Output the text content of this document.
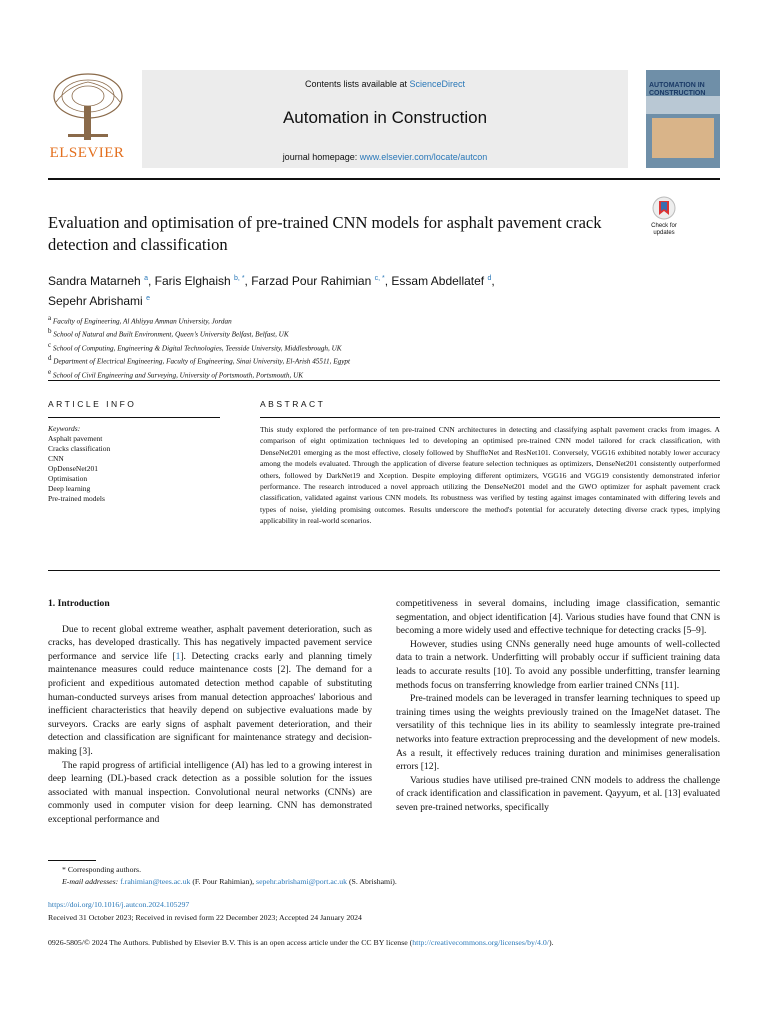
ELSEVIER
Contents lists available at ScienceDirect
Automation in Construction
journal homepage: www.elsevier.com/locate/autcon
AUTOMATION IN CONSTRUCTION
Evaluation and optimisation of pre-trained CNN models for asphalt pavement crack detection and classification
Check for updates
Sandra Matarneh $^a$, Faris Elghaish $^{b, *}$, Farzad Pour Rahimian $^{c, *}$, Essam Abdellatef $^d$,
Sepehr Abrishami $^e$
$^a$ Faculty of Engineering, Al Ahliyya Amman University, Jordan
$^b$ School of Natural and Built Environment, Queen’s University Belfast, Belfast, UK
$^c$ School of Computing, Engineering & Digital Technologies, Teesside University, Middlesbrough, UK
$^d$ Department of Electrical Engineering, Faculty of Engineering, Sinai University, El-Arish 45511, Egypt
$^e$ School of Civil Engineering and Surveying, University of Portsmouth, Portsmouth, UK
ARTICLE INFO
Keywords:
Asphalt pavement
Cracks classification
CNN
OpDenseNet201
Optimisation
Deep learning
Pre-trained models
ABSTRACT
This study explored the performance of ten pre-trained CNN architectures in detecting and classifying asphalt pavement cracks from images. A comparison of eight optimization techniques led to developing an optimised pre-trained CNN model tailored for crack classification, with DenseNet201 emerging as the most effective, closely followed by ShuffleNet and ResNet101. Conversely, VGG16 exhibited notably lower accuracy among the models evaluated. Through the application of diverse feature selection techniques as optimizers, DenseNet201 consistently outperformed others, followed by DarkNet19 and Xception. Despite employing different optimizers, VGG16 and VGG19 consistently demonstrated inferior performance. The research introduced a novel approach utilizing the DenseNet201 model and the GWO optimizer for asphalt pavement crack classification, validated against various CNN models. Its robustness was verified by testing against images contaminated with differing levels and types of noise, yielding promising outcomes. Results underscore the method's potential for accurately detecting diverse crack types, implying applicability in real-world scenarios.
1. Introduction

Due to recent global extreme weather, asphalt pavement deterioration, such as cracks, has developed drastically. This has negatively impacted pavement service performance and service life [1]. Detecting cracks early and planning timely maintenance measures could reduce maintenance costs [2]. The demand for a proficient and expeditious automated detection method capable of substituting human-conducted surveys arises from manual detection approaches' laborious and inefficient characteristics that heavily depend on subjective evaluations made by surveyors. Cracks are early signs of asphalt pavement deterioration, and their detection and classification are significant for maintenance strategy and decision-making [3].

The rapid progress of artificial intelligence (AI) has led to a growing interest in deep learning (DL)-based crack detection as a possible solution for the issues associated with manual inspection. Convolutional neural networks (CNNs) are commonly used in computer vision for deep learning. CNN has demonstrated exceptional performance and

competitiveness in several domains, including image classification, semantic segmentation, and object identification [4]. Various studies have found that CNN is becoming a more widely used and effective technique for detecting cracks [5–9].

However, studies using CNNs generally need huge amounts of well-collected data to train a network. Underfitting will probably occur if sufficient training data leads to accurate results [10]. To avoid any possible underfitting, transfer learning methods focus on transferring knowledge from earlier trained CNNs [11].

Pre-trained models can be leveraged in transfer learning techniques to speed up training times using the weights previously trained on the ImageNet dataset. The versatility of this technique lies in its ability to seamlessly integrate pre-trained networks into feature extraction preprocessing and the development of new models. As a result, it effectively reduces training duration and minimises generalisation errors [12].

Various studies have utilised pre-trained CNN models to address the challenge of crack identification and classification in pavement. Qayyum, et al. [13] evaluated seven pre-trained networks, specifically

* Corresponding authors.
E-mail addresses: f.rahimian@tees.ac.uk (F. Pour Rahimian), sepehr.abrishami@port.ac.uk (S. Abrishami).
https://doi.org/10.1016/j.autcon.2024.105297
Received 31 October 2023; Received in revised form 22 December 2023; Accepted 24 January 2024
0926-5805/© 2024 The Authors. Published by Elsevier B.V. This is an open access article under the CC BY license (http://creativecommons.org/licenses/by/4.0/).
